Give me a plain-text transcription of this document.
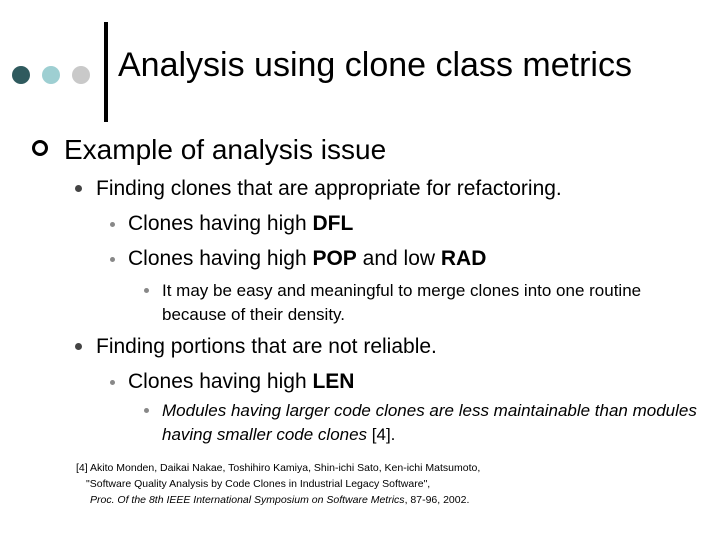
Analysis using clone class metrics
Example of analysis issue
Finding clones that are appropriate for refactoring.
Clones having high DFL
Clones having high POP and low RAD
It may be easy and meaningful to merge clones into one routine because of their density.
Finding portions that are not reliable.
Clones having high LEN
Modules having larger code clones are less maintainable than modules having smaller code clones [4].
[4] Akito Monden, Daikai Nakae, Toshihiro Kamiya, Shin-ichi Sato, Ken-ichi Matsumoto,
"Software Quality Analysis by Code Clones in Industrial Legacy Software",
Proc. Of the 8th IEEE International Symposium on Software Metrics, 87-96, 2002.
